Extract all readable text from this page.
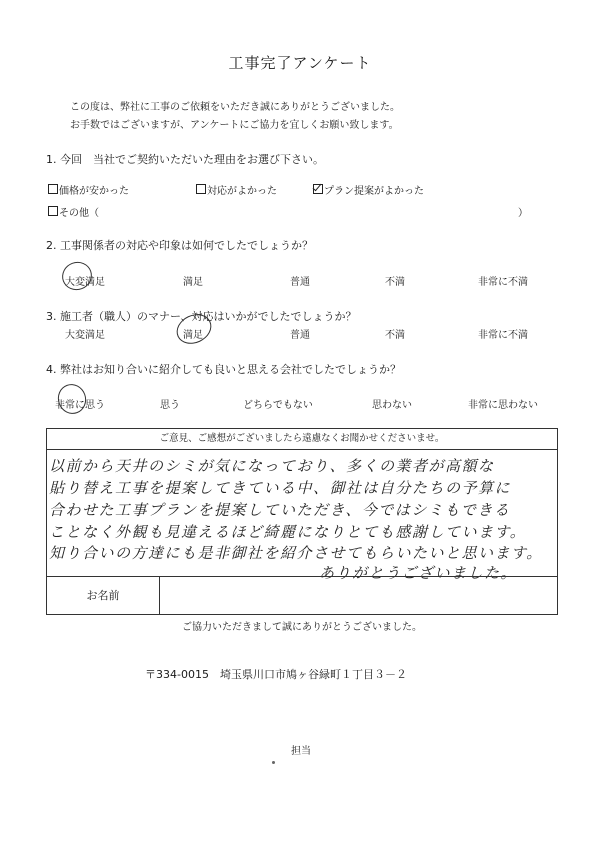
工事完了アンケート
この度は、弊社に工事のご依頼をいただき誠にありがとうございました。
お手数ではございますが、アンケートにご協力を宜しくお願い致します。
1. 今回　当社でご契約いただいた理由をお選び下さい。
価格が安かった	対応がよかった	プラン提案がよかった
その他（	）
2. 工事関係者の対応や印象は如何でしたでしょうか？
大変満足	満足	普通	不満	非常に不満
3. 施工者（職人）のマナー、対応はいかがでしたでしょうか？
大変満足	満足	普通	不満	非常に不満
4. 弊社はお知り合いに紹介しても良いと思える会社でしたでしょうか？
非常に思う	思う	どちらでもない	思わない	非常に思わない
ご意見、ご感想がございましたら遠慮なくお聞かせくださいませ。
以前から天井のシミが気になっており、多くの業者が高額な
貼り替え工事を提案してきている中、御社は自分たちの予算に
合わせた工事プランを提案していただき、今ではシミもできる
ことなく外観も見違えるほど綺麗になりとても感謝しています。
知り合いの方達にも是非御社を紹介させてもらいたいと思います。
ありがとうございました。
お名前
ご協力いただきまして誠にありがとうございました。
〒334-0015　埼玉県川口市鳩ヶ谷緑町１丁目３－２
担当
